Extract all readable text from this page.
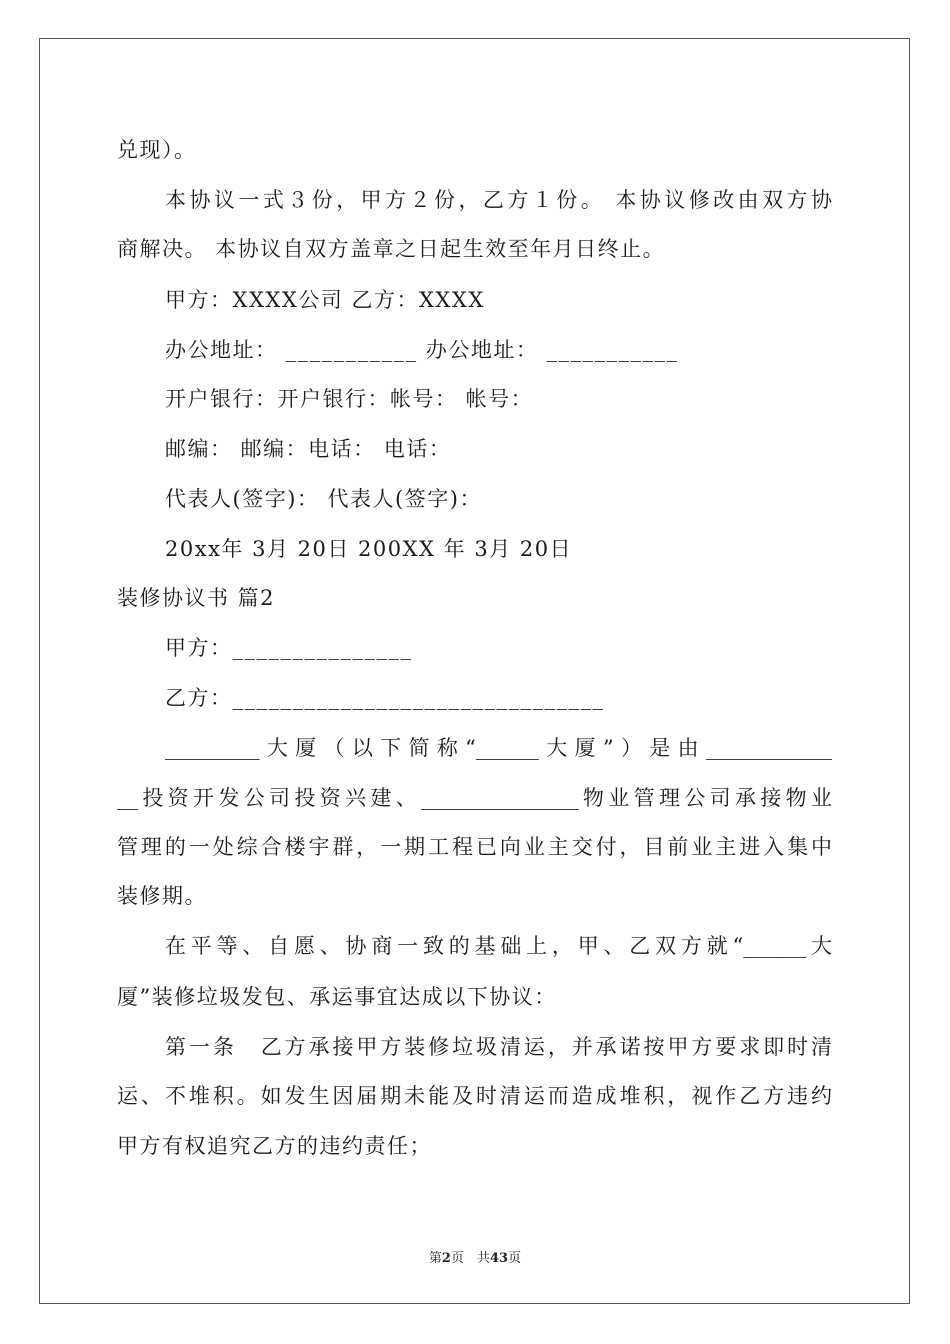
兑现）。
本协议一式３份，甲方２份，乙方１份。 本协议修改由双方协
商解决。 本协议自双方盖章之日起生效至年月日终止。
甲方：XXXX公司 乙方：XXXX
办公地址： ___________ 办公地址： ___________
开户银行：开户银行：帐号： 帐号：
邮编： 邮编：电话： 电话：
代表人(签字)： 代表人(签字)：
20xx年 3月 20日 200XX 年 3月 20日
装修协议书 篇2
甲方：_______________
乙方：_______________________________
_________大厦（以下简称“______大厦”）是由____________
__投资开发公司投资兴建、_______________物业管理公司承接物业
管理的一处综合楼宇群，一期工程已向业主交付，目前业主进入集中
装修期。
在平等、自愿、协商一致的基础上，甲、乙双方就“______大
厦”装修垃圾发包、承运事宜达成以下协议：
第一条　乙方承接甲方装修垃圾清运，并承诺按甲方要求即时清
运、不堆积。如发生因届期未能及时清运而造成堆积，视作乙方违约
甲方有权追究乙方的违约责任；
第2页　共43页
